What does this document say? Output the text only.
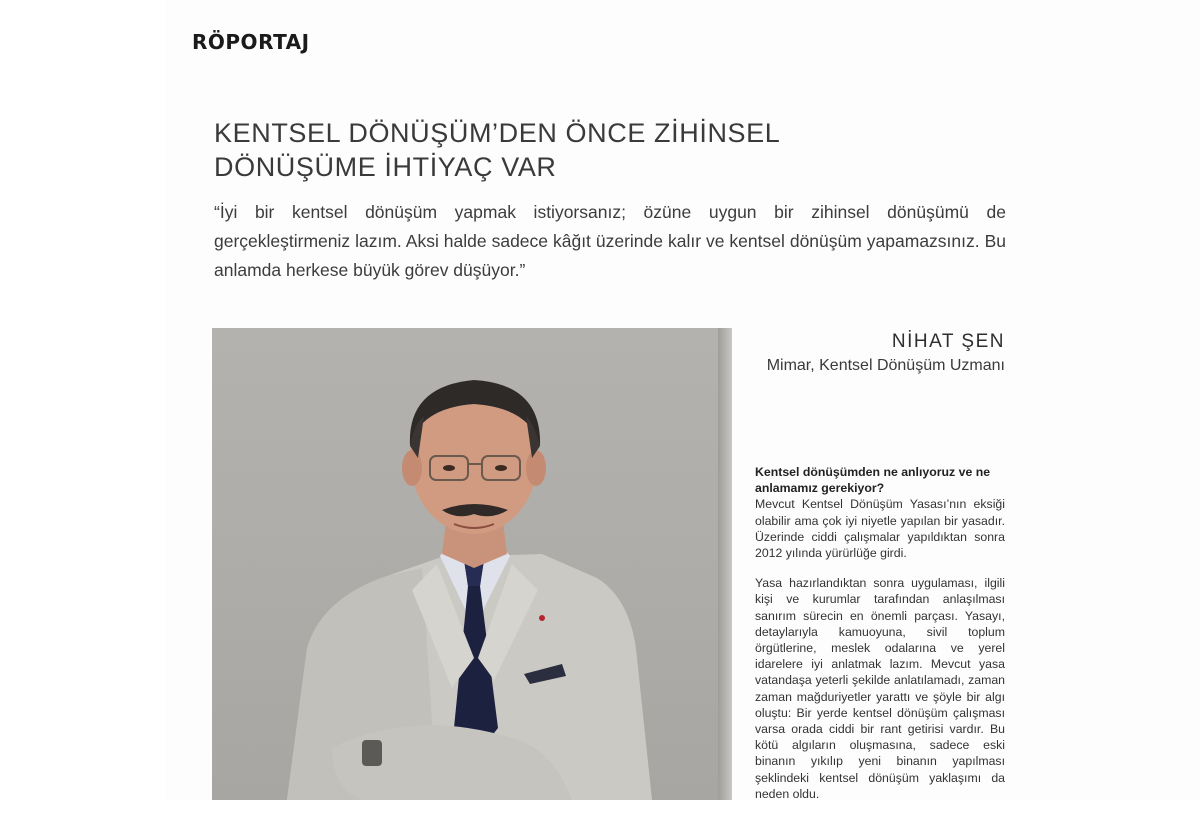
RÖPORTAJ
KENTSEL DÖNÜŞÜM’DEN ÖNCE ZİHİNSEL
DÖNÜŞÜME İHTİYAÇ VAR
“İyi bir kentsel dönüşüm yapmak istiyorsanız; özüne uygun bir zihinsel dönüşümü de gerçekleştirmeniz lazım. Aksi halde sadece kâğıt üzerinde kalır ve kentsel dönüşüm yapamazsınız. Bu anlamda herkese büyük görev düşüyor.”
NİHAT ŞEN
Mimar, Kentsel Dönüşüm Uzmanı
Kentsel dönüşümden ne anlıyoruz ve ne anlamamız gerekiyor?

Mevcut Kentsel Dönüşüm Yasası’nın eksiği olabilir ama çok iyi niyetle yapılan bir yasadır. Üzerinde ciddi çalışmalar yapıldıktan sonra 2012 yılında yürürlüğe girdi.

Yasa hazırlandıktan sonra uygulaması, ilgili kişi ve kurumlar tarafından anlaşılması sanırım sürecin en önemli parçası. Yasayı, detaylarıyla kamuoyuna, sivil toplum örgütlerine, meslek odalarına ve yerel idarelere iyi anlatmak lazım. Mevcut yasa vatandaşa yeterli şekilde anlatılamadı, zaman zaman mağduriyetler yarattı ve şöyle bir algı oluştu: Bir yerde kentsel dönüşüm çalışması varsa orada ciddi bir rant getirisi vardır. Bu kötü algıların oluşmasına, sadece eski binanın yıkılıp yeni binanın yapılması şeklindeki kentsel dönüşüm yaklaşımı da neden oldu.
